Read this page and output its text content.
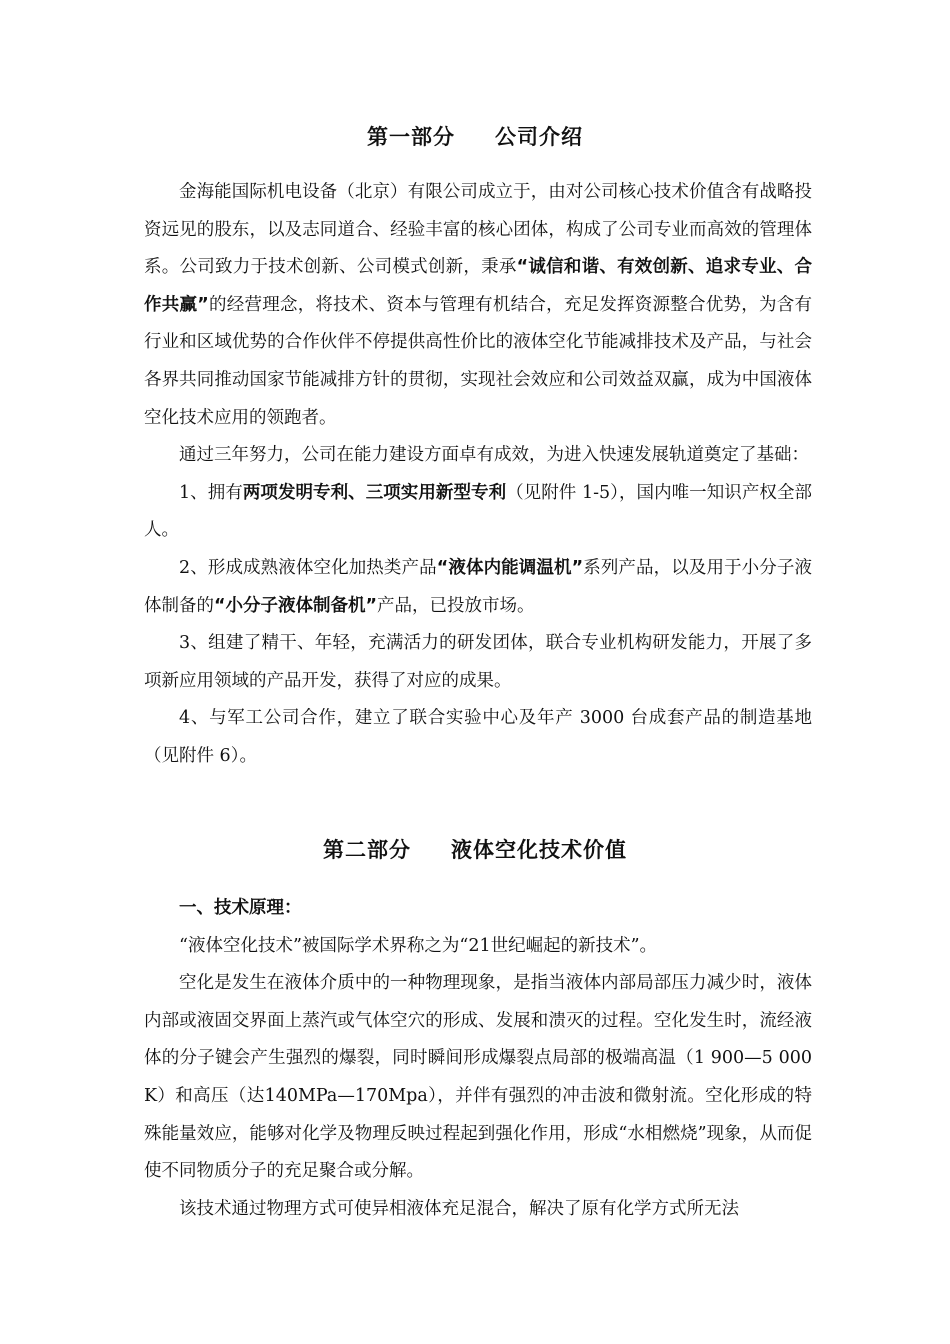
第一部分 公司介绍

金海能国际机电设备（北京）有限公司成立于，由对公司核心技术价值含有战略投资远见的股东，以及志同道合、经验丰富的核心团体，构成了公司专业而高效的管理体系。公司致力于技术创新、公司模式创新，秉承“诚信和谐、有效创新、追求专业、合作共赢”的经营理念，将技术、资本与管理有机结合，充足发挥资源整合优势，为含有行业和区域优势的合作伙伴不停提供高性价比的液体空化节能减排技术及产品，与社会各界共同推动国家节能减排方针的贯彻，实现社会效应和公司效益双赢，成为中国液体空化技术应用的领跑者。

通过三年努力，公司在能力建设方面卓有成效，为进入快速发展轨道奠定了基础：

1、拥有两项发明专利、三项实用新型专利（见附件 1-5），国内唯一知识产权全部人。

2、形成成熟液体空化加热类产品“液体内能调温机”系列产品，以及用于小分子液体制备的“小分子液体制备机”产品，已投放市场。

3、组建了精干、年轻，充满活力的研发团体，联合专业机构研发能力，开展了多项新应用领域的产品开发，获得了对应的成果。

4、与军工公司合作，建立了联合实验中心及年产 3000 台成套产品的制造基地（见附件 6）。

第二部分 液体空化技术价值

一、技术原理：

“液体空化技术”被国际学术界称之为“21世纪崛起的新技术”。

空化是发生在液体介质中的一种物理现象，是指当液体内部局部压力减少时，液体内部或液固交界面上蒸汽或气体空穴的形成、发展和溃灭的过程。空化发生时，流经液体的分子键会产生强烈的爆裂，同时瞬间形成爆裂点局部的极端高温（1 900—5 000 K）和高压（达140MPa—170Mpa），并伴有强烈的冲击波和微射流。空化形成的特殊能量效应，能够对化学及物理反映过程起到强化作用，形成“水相燃烧”现象，从而促使不同物质分子的充足聚合或分解。

该技术通过物理方式可使异相液体充足混合，解决了原有化学方式所无法
